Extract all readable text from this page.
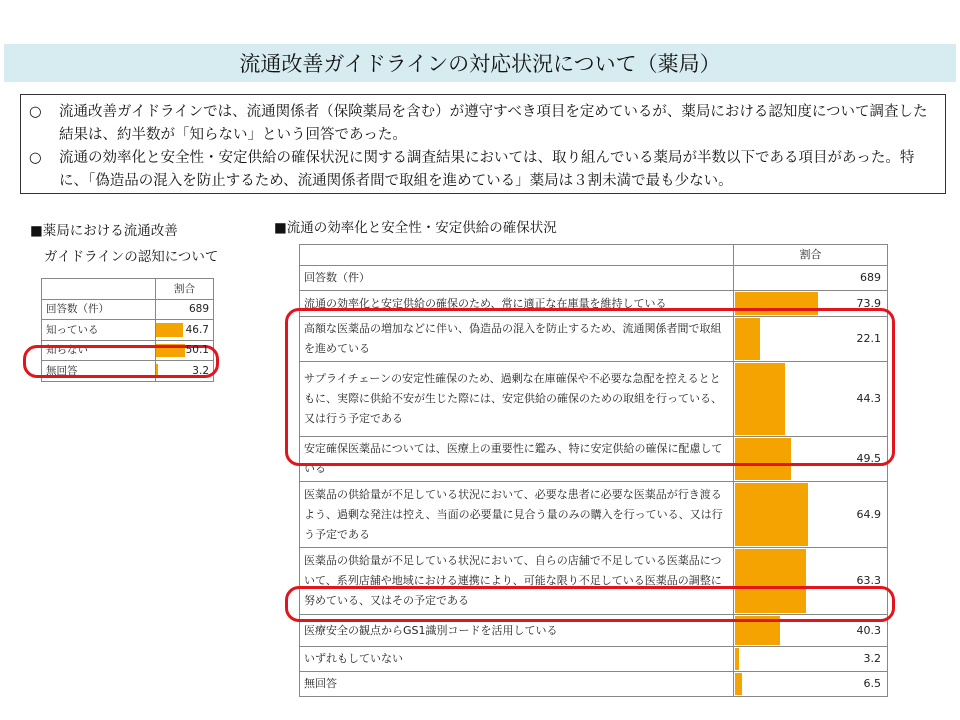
流通改善ガイドラインの対応状況について（薬局）
○	流通改善ガイドラインでは、流通関係者（保険薬局を含む）が遵守すべき項目を定めているが、薬局における認知度について調査した結果は、約半数が「知らない」という回答であった。
○	流通の効率化と安全性・安定供給の確保状況に関する調査結果においては、取り組んでいる薬局が半数以下である項目があった。特に、「偽造品の混入を防止するため、流通関係者間で取組を進めている」薬局は３割未満で最も少ない。
■薬局における流通改善
ガイドラインの認知について
■流通の効率化と安全性・安定供給の確保状況
	割合
回答数（件）	689
知っている	46.7
知らない	50.1
無回答	3.2
	割合
回答数（件）	689
流通の効率化と安定供給の確保のため、常に適正な在庫量を維持している	73.9
高額な医薬品の増加などに伴い、偽造品の混入を防止するため、流通関係者間で取組を進めている	22.1
サプライチェーンの安定性確保のため、過剰な在庫確保や不必要な急配を控えるとともに、実際に供給不安が生じた際には、安定供給の確保のための取組を行っている、又は行う予定である	44.3
安定確保医薬品については、医療上の重要性に鑑み、特に安定供給の確保に配慮している	49.5
医薬品の供給量が不足している状況において、必要な患者に必要な医薬品が行き渡るよう、過剰な発注は控え、当面の必要量に見合う量のみの購入を行っている、又は行う予定である	64.9
医薬品の供給量が不足している状況において、自らの店舗で不足している医薬品について、系列店舗や地域における連携により、可能な限り不足している医薬品の調整に努めている、又はその予定である	63.3
医療安全の観点からGS1識別コードを活用している	40.3
いずれもしていない	3.2
無回答	6.5
